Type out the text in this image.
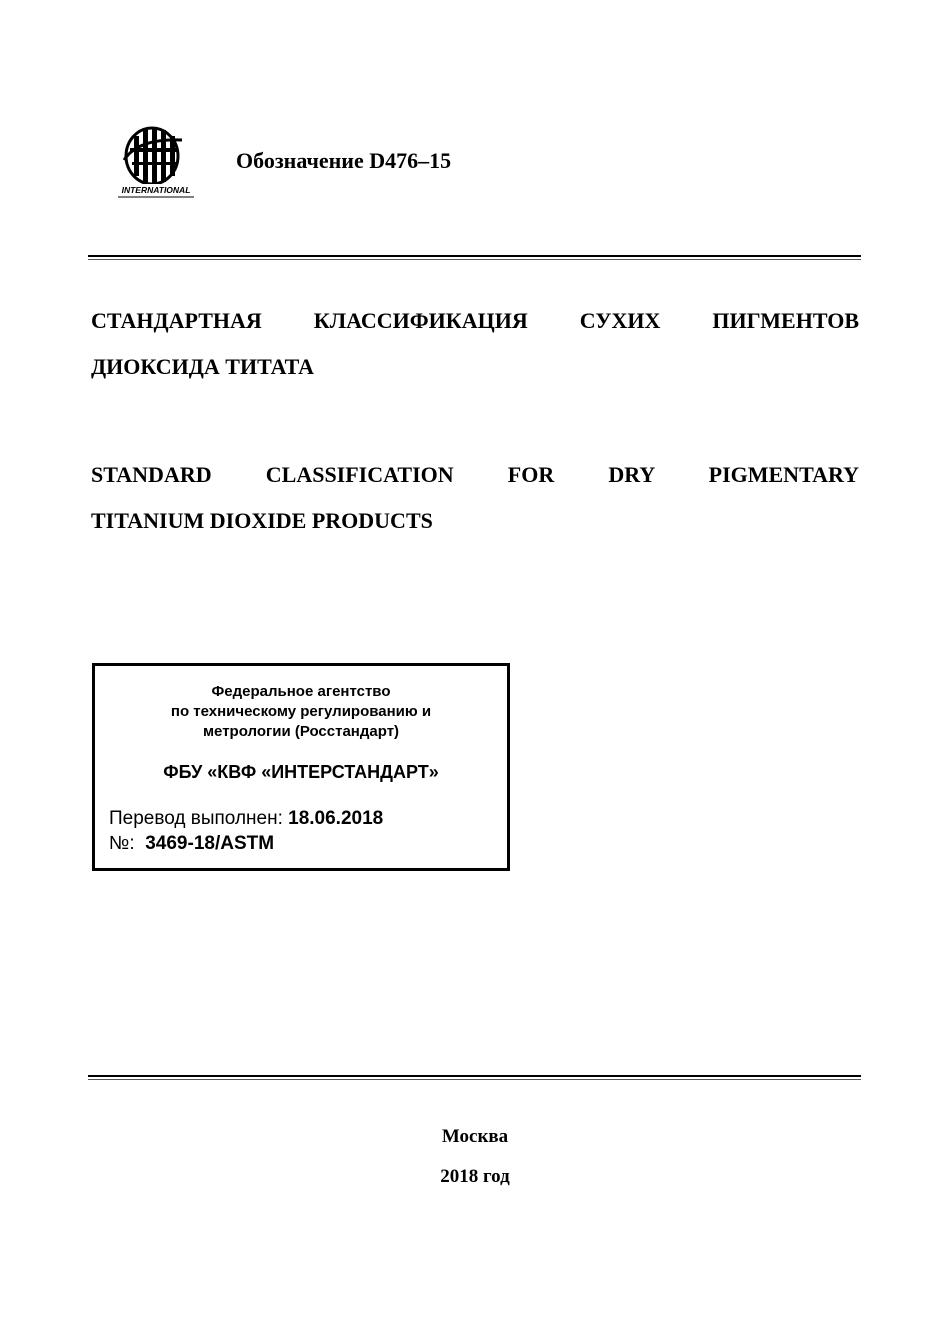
INTERNATIONAL
Обозначение D476–15
СТАНДАРТНАЯ КЛАССИФИКАЦИЯ СУХИХ ПИГМЕНТОВ
ДИОКСИДА ТИТАТА
STANDARD CLASSIFICATION FOR DRY PIGMENTARY
TITANIUM DIOXIDE PRODUCTS
Федеральное агентство
по техническому регулированию и
метрологии (Росстандарт)
ФБУ «КВФ «ИНТЕРСТАНДАРТ»
Перевод выполнен: 18.06.2018
№: 3469-18/ASTM
Москва
2018 год
